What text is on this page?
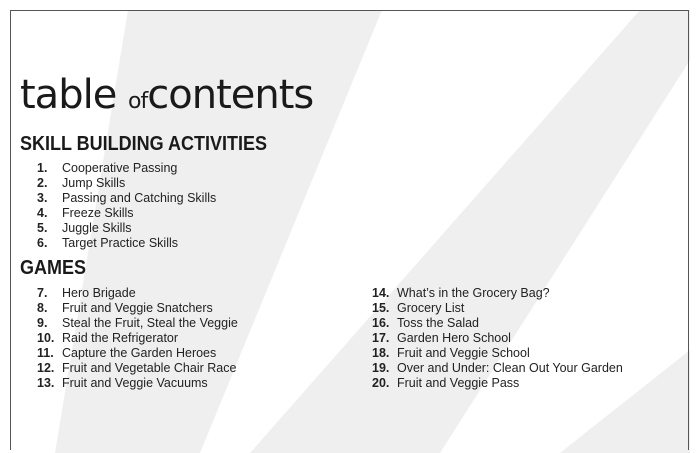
table ofcontents
SKILL BUILDING ACTIVITIES
1. Cooperative Passing
2. Jump Skills
3. Passing and Catching Skills
4. Freeze Skills
5. Juggle Skills
6. Target Practice Skills
GAMES
7. Hero Brigade
8. Fruit and Veggie Snatchers
9. Steal the Fruit, Steal the Veggie
10. Raid the Refrigerator
11. Capture the Garden Heroes
12. Fruit and Vegetable Chair Race
13. Fruit and Veggie Vacuums
14. What’s in the Grocery Bag?
15. Grocery List
16. Toss the Salad
17. Garden Hero School
18. Fruit and Veggie School
19. Over and Under: Clean Out Your Garden
20. Fruit and Veggie Pass
